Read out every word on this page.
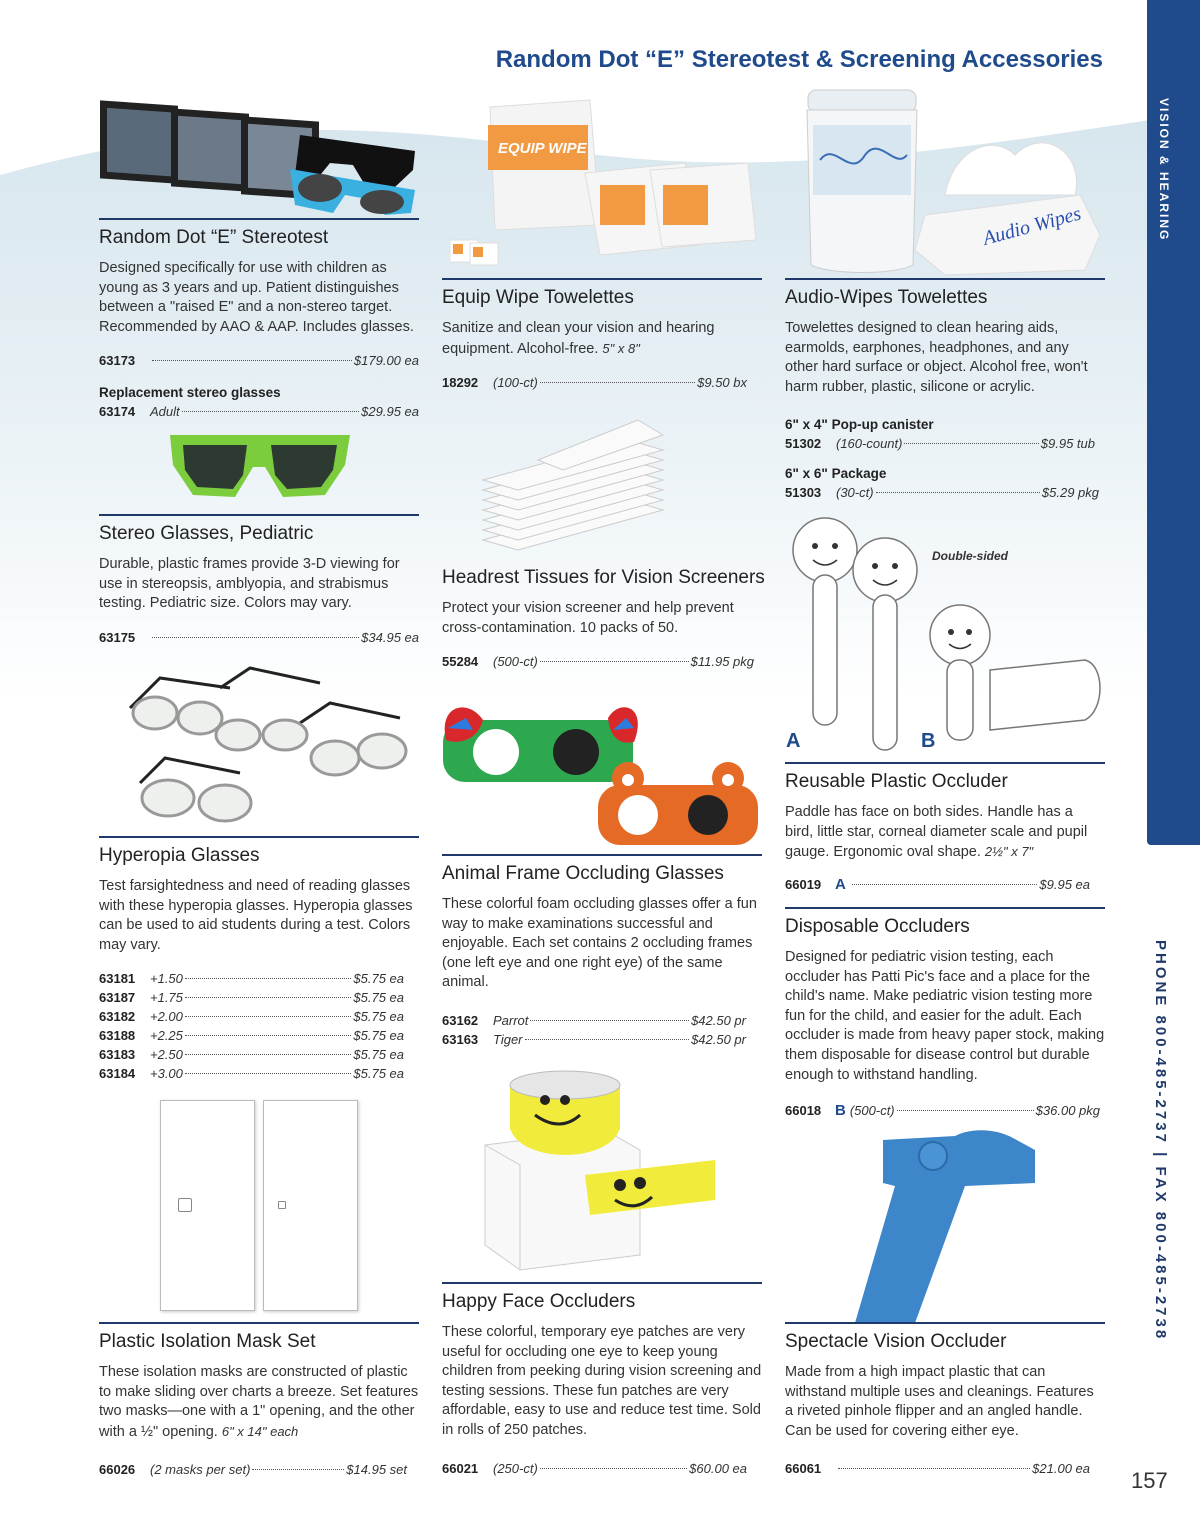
VISION & HEARING
PHONE 800-485-2737 | FAX 800-485-2738
157
Random Dot “E” Stereotest & Screening Accessories
EQUIP WIPE
Audio Wipes
A	B
Double-sided
Random Dot “E” Stereotest

Designed specifically for use with children as young as 3 years and up. Patient distinguishes between a "raised E" and a non-stereo target. Recommended by AAO & AAP. Includes glasses.

63173	$179.00 ea
Replacement stereo glasses
63174	Adult	$29.95 ea
Stereo Glasses, Pediatric

Durable, plastic frames provide 3-D viewing for use in stereopsis, amblyopia, and strabismus testing. Pediatric size. Colors may vary.

63175	$34.95 ea
Hyperopia Glasses

Test farsightedness and need of reading glasses with these hyperopia glasses. Hyperopia glasses can be used to aid students during a test. Colors may vary.

63181	+1.50	$5.75 ea
63187	+1.75	$5.75 ea
63182	+2.00	$5.75 ea
63188	+2.25	$5.75 ea
63183	+2.50	$5.75 ea
63184	+3.00	$5.75 ea
Plastic Isolation Mask Set

These isolation masks are constructed of plastic to make sliding over charts a breeze. Set features two masks—one with a 1" opening, and the other with a ½" opening. 6" x 14" each

66026	(2 masks per set)	$14.95 set
Equip Wipe Towelettes

Sanitize and clean your vision and hearing equipment. Alcohol-free. 5" x 8"

18292	(100-ct)	$9.50 bx
Headrest Tissues for Vision Screeners

Protect your vision screener and help prevent cross-contamination. 10 packs of 50.

55284	(500-ct)	$11.95 pkg
Animal Frame Occluding Glasses

These colorful foam occluding glasses offer a fun way to make examinations successful and enjoyable. Each set contains 2 occluding frames (one left eye and one right eye) of the same animal.

63162	Parrot	$42.50 pr
63163	Tiger	$42.50 pr
Happy Face Occluders

These colorful, temporary eye patches are very useful for occluding one eye to keep young children from peeking during vision screening and testing sessions. These fun patches are very affordable, easy to use and reduce test time. Sold in rolls of 250 patches.

66021	(250-ct)	$60.00 ea
Audio-Wipes Towelettes

Towelettes designed to clean hearing aids, earmolds, earphones, headphones, and any other hard surface or object. Alcohol free, won't harm rubber, plastic, silicone or acrylic.

6" x 4" Pop-up canister
51302	(160-count)	$9.95 tub
6" x 6" Package
51303	(30-ct)	$5.29 pkg
Reusable Plastic Occluder

Paddle has face on both sides. Handle has a bird, little star, corneal diameter scale and pupil gauge. Ergonomic oval shape. 2½" x 7"

66019 A	$9.95 ea
Disposable Occluders

Designed for pediatric vision testing, each occluder has Patti Pic's face and a place for the child's name. Make pediatric vision testing more fun for the child, and easier for the adult. Each occluder is made from heavy paper stock, making them disposable for disease control but durable enough to withstand handling.

66018 B (500-ct)	$36.00 pkg
Spectacle Vision Occluder

Made from a high impact plastic that can withstand multiple uses and cleanings. Features a riveted pinhole flipper and an angled handle. Can be used for covering either eye.

66061	$21.00 ea
